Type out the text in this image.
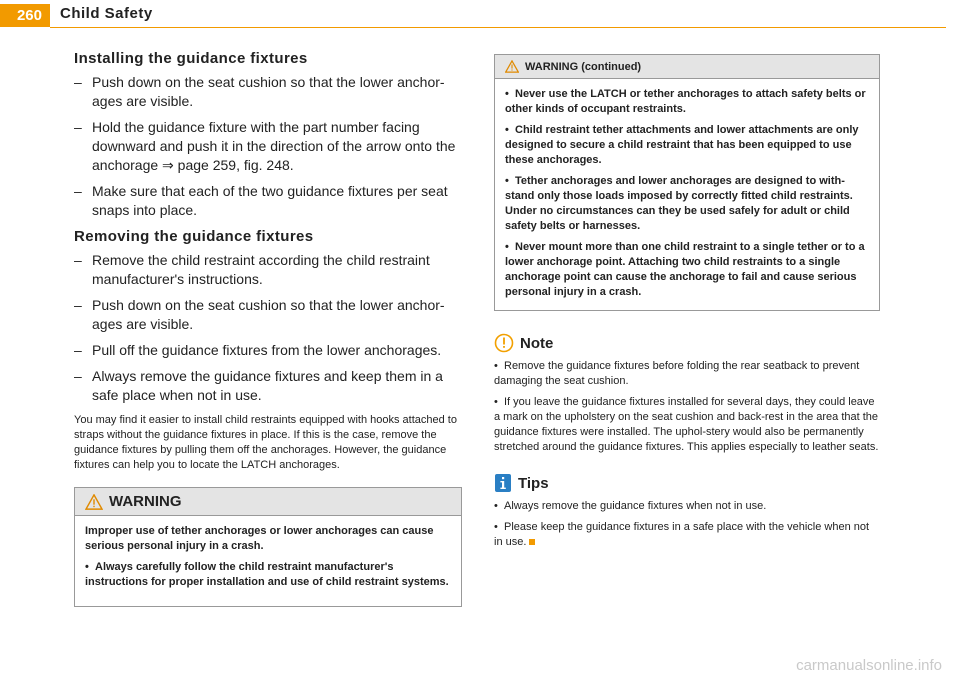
260	Child Safety
Installing the guidance fixtures
– Push down on the seat cushion so that the lower anchor-ages are visible.
– Hold the guidance fixture with the part number facing downward and push it in the direction of the arrow onto the anchorage ⇒ page 259, fig. 248.
– Make sure that each of the two guidance fixtures per seat snaps into place.
Removing the guidance fixtures
– Remove the child restraint according the child restraint manufacturer's instructions.
– Push down on the seat cushion so that the lower anchor-ages are visible.
– Pull off the guidance fixtures from the lower anchorages.
– Always remove the guidance fixtures and keep them in a safe place when not in use.

You may find it easier to install child restraints equipped with hooks attached to straps without the guidance fixtures in place. If this is the case, remove the guidance fixtures by pulling them off the anchorages. However, the guidance fixtures can help you to locate the LATCH anchorages.

WARNING

Improper use of tether anchorages or lower anchorages can cause serious personal injury in a crash.

• Always carefully follow the child restraint manufacturer's instructions for proper installation and use of child restraint systems.

WARNING (continued)

• Never use the LATCH or tether anchorages to attach safety belts or other kinds of occupant restraints.

• Child restraint tether attachments and lower attachments are only designed to secure a child restraint that has been equipped to use these anchorages.

• Tether anchorages and lower anchorages are designed to with-stand only those loads imposed by correctly fitted child restraints. Under no circumstances can they be used safely for adult or child safety belts or harnesses.

• Never mount more than one child restraint to a single tether or to a lower anchorage point. Attaching two child restraints to a single anchorage point can cause the anchorage to fail and cause serious personal injury in a crash.

Note

• Remove the guidance fixtures before folding the rear seatback to prevent damaging the seat cushion.

• If you leave the guidance fixtures installed for several days, they could leave a mark on the upholstery on the seat cushion and back-rest in the area that the guidance fixtures were installed. The uphol-stery would also be permanently stretched around the guidance fixtures. This applies especially to leather seats.

Tips

• Always remove the guidance fixtures when not in use.

• Please keep the guidance fixtures in a safe place with the vehicle when not in use.

carmanualsonline.info
